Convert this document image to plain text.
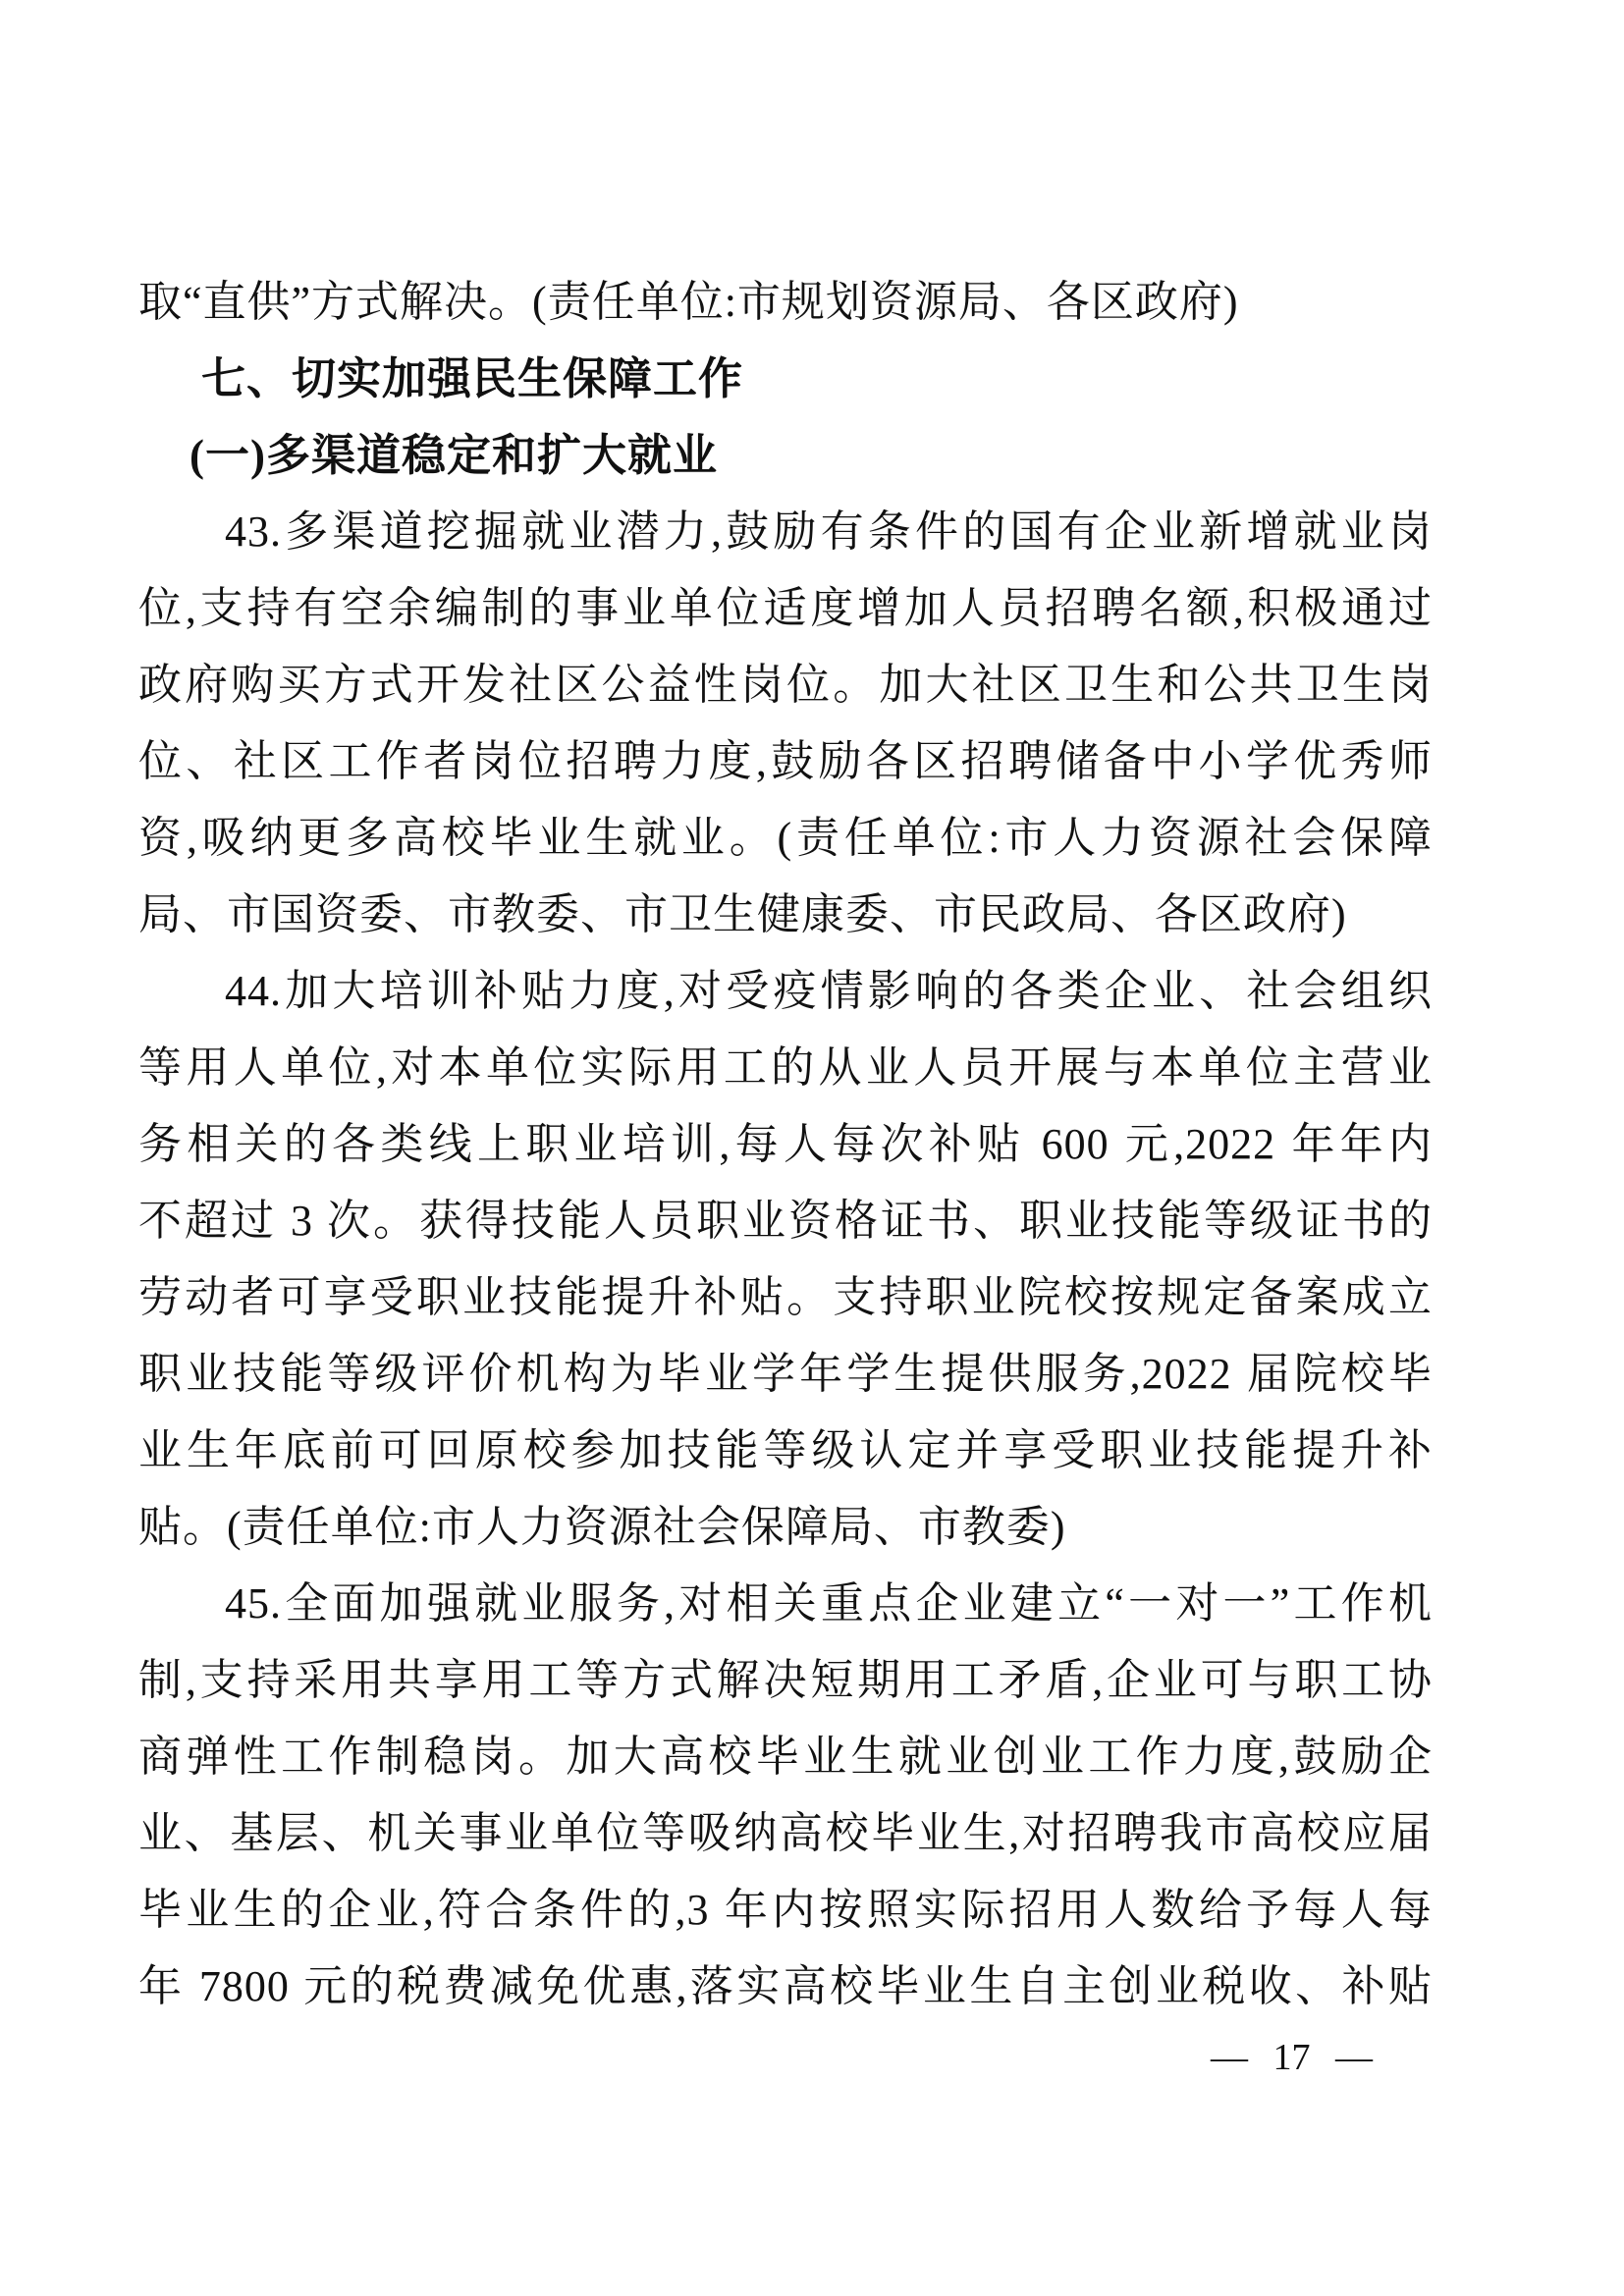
取“直供”方式解决。(责任单位:市规划资源局、各区政府)
七、切实加强民生保障工作
(一)多渠道稳定和扩大就业
43.多渠道挖掘就业潜力,鼓励有条件的国有企业新增就业岗
位,支持有空余编制的事业单位适度增加人员招聘名额,积极通过
政府购买方式开发社区公益性岗位。加大社区卫生和公共卫生岗
位、社区工作者岗位招聘力度,鼓励各区招聘储备中小学优秀师
资,吸纳更多高校毕业生就业。(责任单位:市人力资源社会保障
局、市国资委、市教委、市卫生健康委、市民政局、各区政府)
44.加大培训补贴力度,对受疫情影响的各类企业、社会组织
等用人单位,对本单位实际用工的从业人员开展与本单位主营业
务相关的各类线上职业培训,每人每次补贴 600 元,2022 年年内
不超过 3 次。获得技能人员职业资格证书、职业技能等级证书的
劳动者可享受职业技能提升补贴。支持职业院校按规定备案成立
职业技能等级评价机构为毕业学年学生提供服务,2022 届院校毕
业生年底前可回原校参加技能等级认定并享受职业技能提升补
贴。(责任单位:市人力资源社会保障局、市教委)
45.全面加强就业服务,对相关重点企业建立“一对一”工作机
制,支持采用共享用工等方式解决短期用工矛盾,企业可与职工协
商弹性工作制稳岗。加大高校毕业生就业创业工作力度,鼓励企
业、基层、机关事业单位等吸纳高校毕业生,对招聘我市高校应届
毕业生的企业,符合条件的,3 年内按照实际招用人数给予每人每
年 7800 元的税费减免优惠,落实高校毕业生自主创业税收、补贴
— 17 —
